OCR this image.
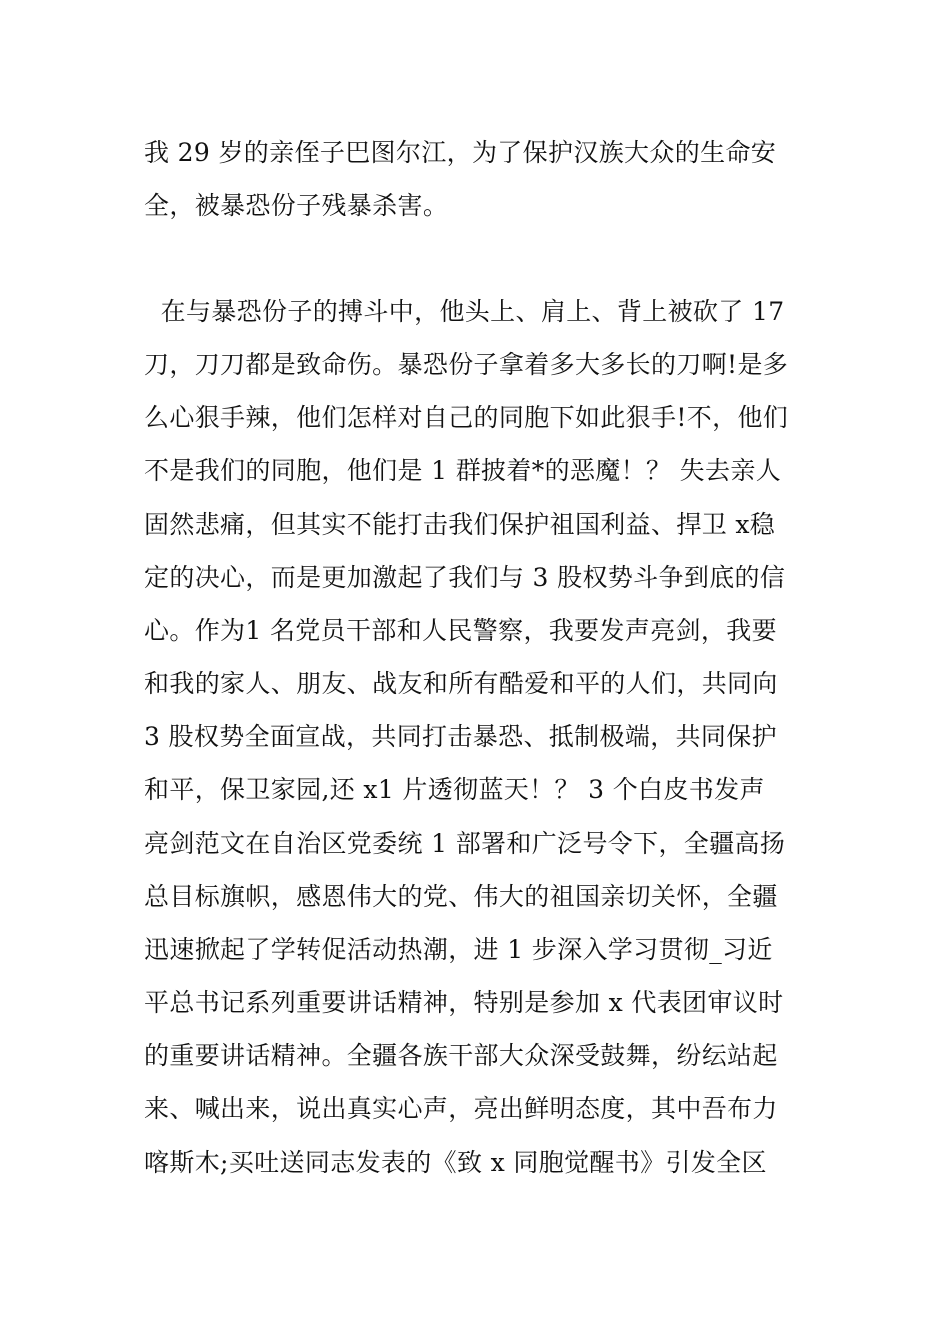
我 29 岁的亲侄子巴图尔江，为了保护汉族大众的生命安
全，被暴恐份子残暴杀害。
在与暴恐份子的搏斗中，他头上、肩上、背上被砍了 17
刀，刀刀都是致命伤。暴恐份子拿着多大多长的刀啊!是多
么心狠手辣，他们怎样对自己的同胞下如此狠手!不，他们
不是我们的同胞，他们是 1 群披着*的恶魔！？ 失去亲人
固然悲痛，但其实不能打击我们保护祖国利益、捍卫 x稳
定的决心，而是更加激起了我们与 3 股权势斗争到底的信
心。作为1 名党员干部和人民警察，我要发声亮剑，我要
和我的家人、朋友、战友和所有酷爱和平的人们，共同向
3 股权势全面宣战，共同打击暴恐、抵制极端，共同保护
和平，保卫家园,还 x1 片透彻蓝天！？ 3 个白皮书发声
亮剑范文在自治区党委统 1 部署和广泛号令下，全疆高扬
总目标旗帜，感恩伟大的党、伟大的祖国亲切关怀，全疆
迅速掀起了学转促活动热潮，进 1 步深入学习贯彻_习近
平总书记系列重要讲话精神，特别是参加 x 代表团审议时
的重要讲话精神。全疆各族干部大众深受鼓舞，纷纭站起
来、喊出来，说出真实心声，亮出鲜明态度，其中吾布力
喀斯木;买吐送同志发表的《致 x 同胞觉醒书》引发全区
